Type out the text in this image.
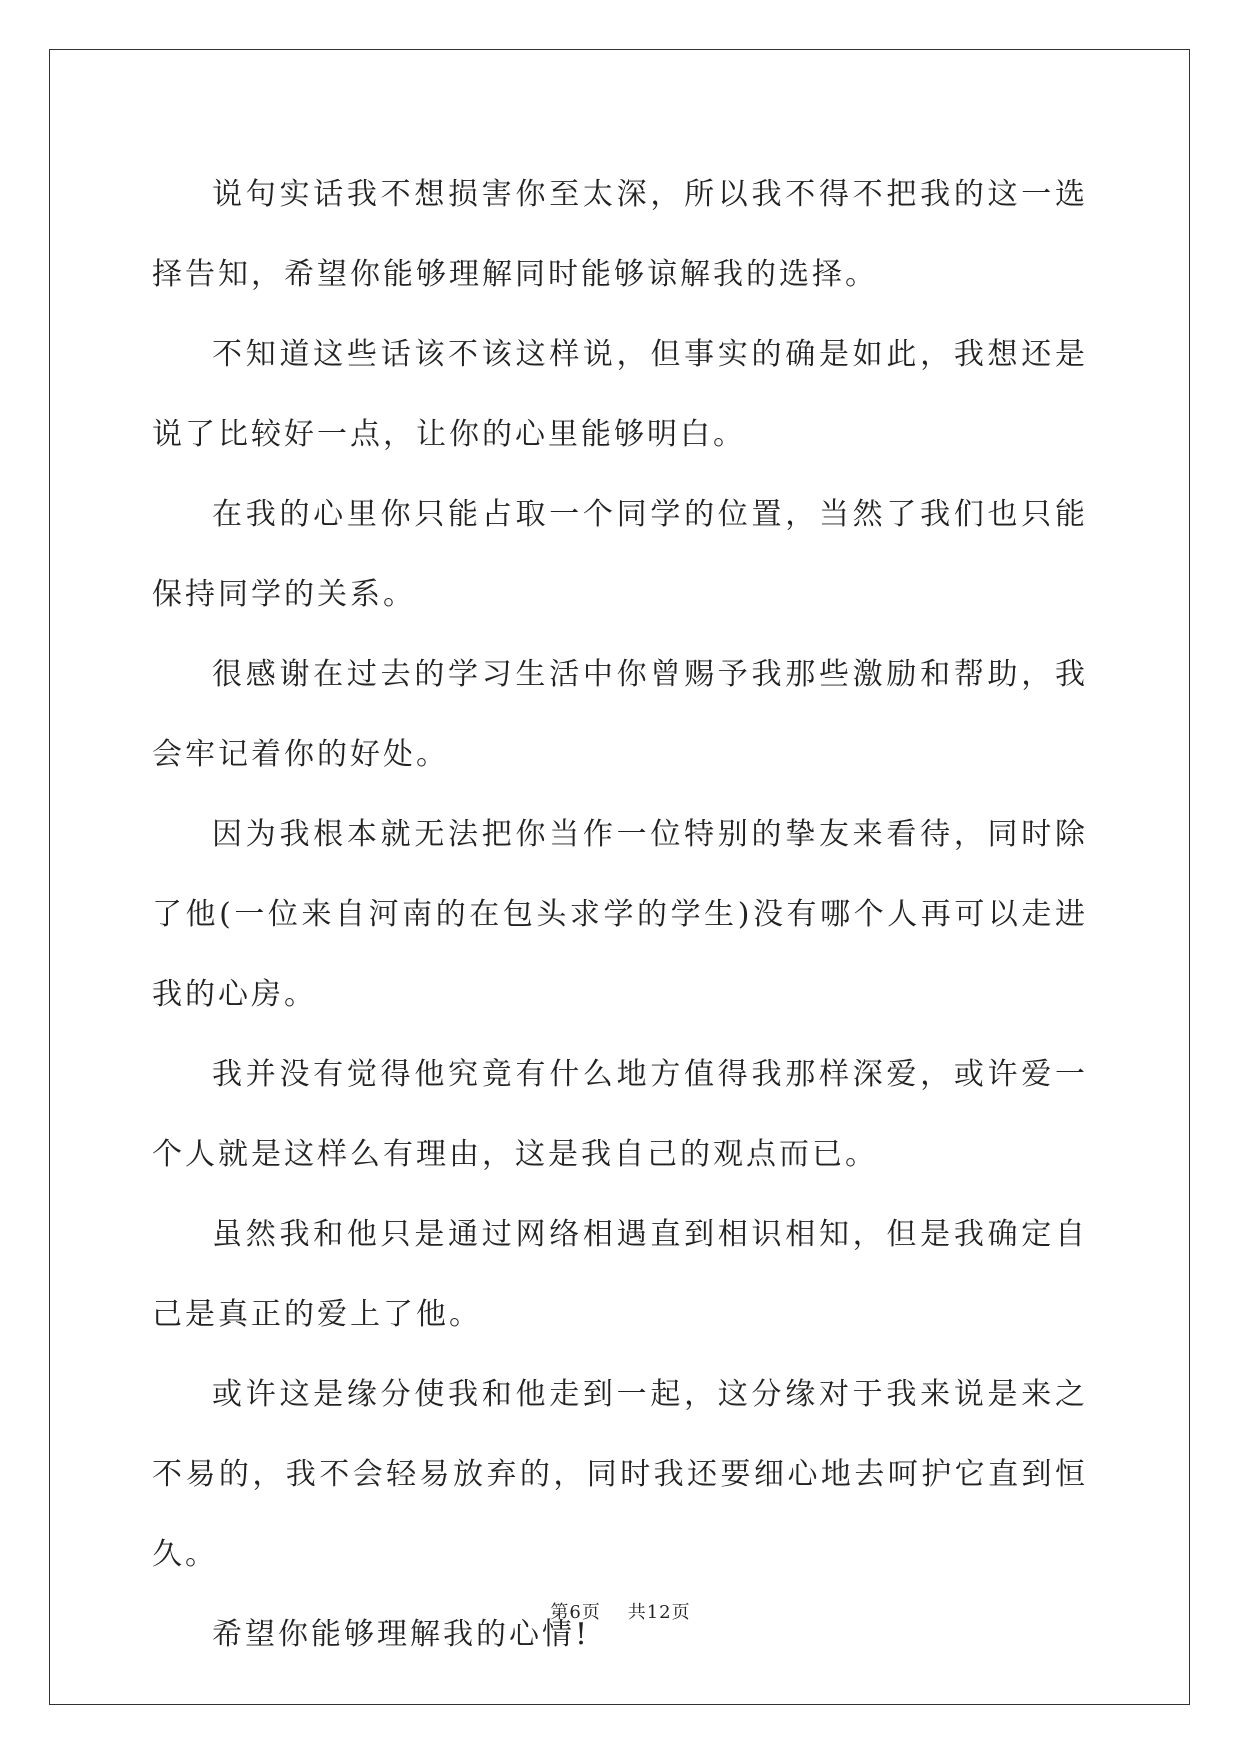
说句实话我不想损害你至太深，所以我不得不把我的这一选择告知，希望你能够理解同时能够谅解我的选择。

不知道这些话该不该这样说，但事实的确是如此，我想还是说了比较好一点，让你的心里能够明白。

在我的心里你只能占取一个同学的位置，当然了我们也只能保持同学的关系。

很感谢在过去的学习生活中你曾赐予我那些激励和帮助，我会牢记着你的好处。

因为我根本就无法把你当作一位特别的挚友来看待，同时除了他(一位来自河南的在包头求学的学生)没有哪个人再可以走进我的心房。

我并没有觉得他究竟有什么地方值得我那样深爱，或许爱一个人就是这样么有理由，这是我自己的观点而已。

虽然我和他只是通过网络相遇直到相识相知，但是我确定自己是真正的爱上了他。

或许这是缘分使我和他走到一起，这分缘对于我来说是来之不易的，我不会轻易放弃的，同时我还要细心地去呵护它直到恒久。

希望你能够理解我的心情!

第6页 共12页
